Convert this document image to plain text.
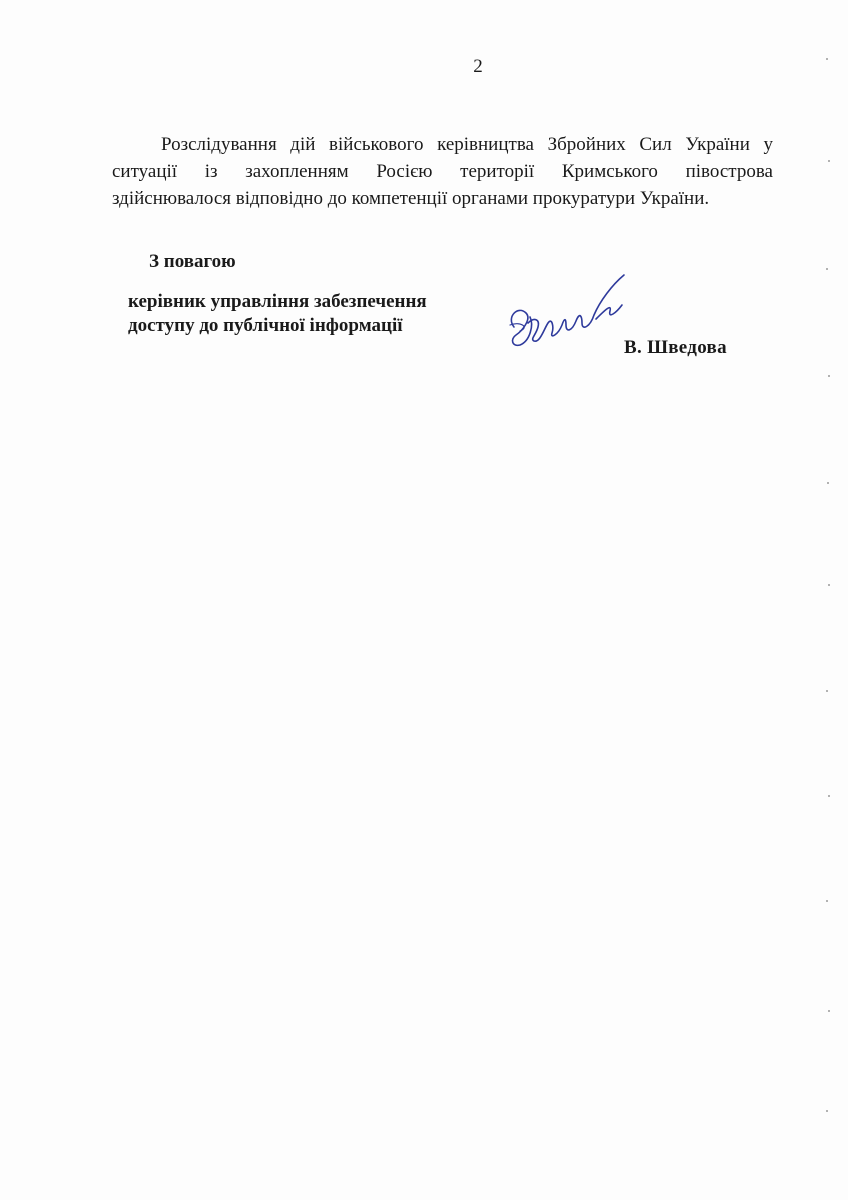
2
Розслідування дій військового керівництва Збройних Сил України у
ситуації із захопленням Росією території Кримського півострова
здійснювалося відповідно до компетенції органами прокуратури України.
З повагою
керівник управління забезпечення
доступу до публічної інформації
В. Шведова
